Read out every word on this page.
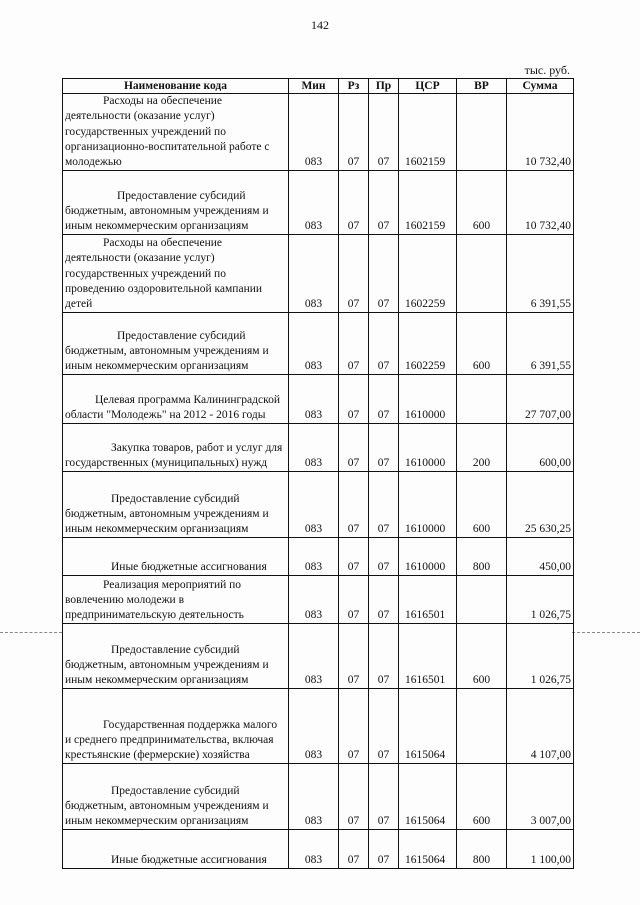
142
тыс. руб.
Наименование кода	Мин	Рз	Пр	ЦСР	ВР	Сумма
Расходы на обеспечение деятельности (оказание услуг) государственных учреждений по организационно-воспитательной работе с молодежью	083	07	07	1602159		10 732,40
Предоставление субсидий бюджетным, автономным учреждениям и иным некоммерческим организациям	083	07	07	1602159	600	10 732,40
Расходы на обеспечение деятельности (оказание услуг) государственных учреждений по проведению оздоровительной кампании детей	083	07	07	1602259		6 391,55
Предоставление субсидий бюджетным, автономным учреждениям и иным некоммерческим организациям	083	07	07	1602259	600	6 391,55
Целевая программа Калининградской области "Молодежь" на 2012 - 2016 годы	083	07	07	1610000		27 707,00
Закупка товаров, работ и услуг для государственных (муниципальных) нужд	083	07	07	1610000	200	600,00
Предоставление субсидий бюджетным, автономным учреждениям и иным некоммерческим организациям	083	07	07	1610000	600	25 630,25
Иные бюджетные ассигнования	083	07	07	1610000	800	450,00
Реализация мероприятий по вовлечению молодежи в предпринимательскую деятельность	083	07	07	1616501		1 026,75
Предоставление субсидий бюджетным, автономным учреждениям и иным некоммерческим организациям	083	07	07	1616501	600	1 026,75
Государственная поддержка малого и среднего предпринимательства, включая крестьянские (фермерские) хозяйства	083	07	07	1615064		4 107,00
Предоставление субсидий бюджетным, автономным учреждениям и иным некоммерческим организациям	083	07	07	1615064	600	3 007,00
Иные бюджетные ассигнования	083	07	07	1615064	800	1 100,00
